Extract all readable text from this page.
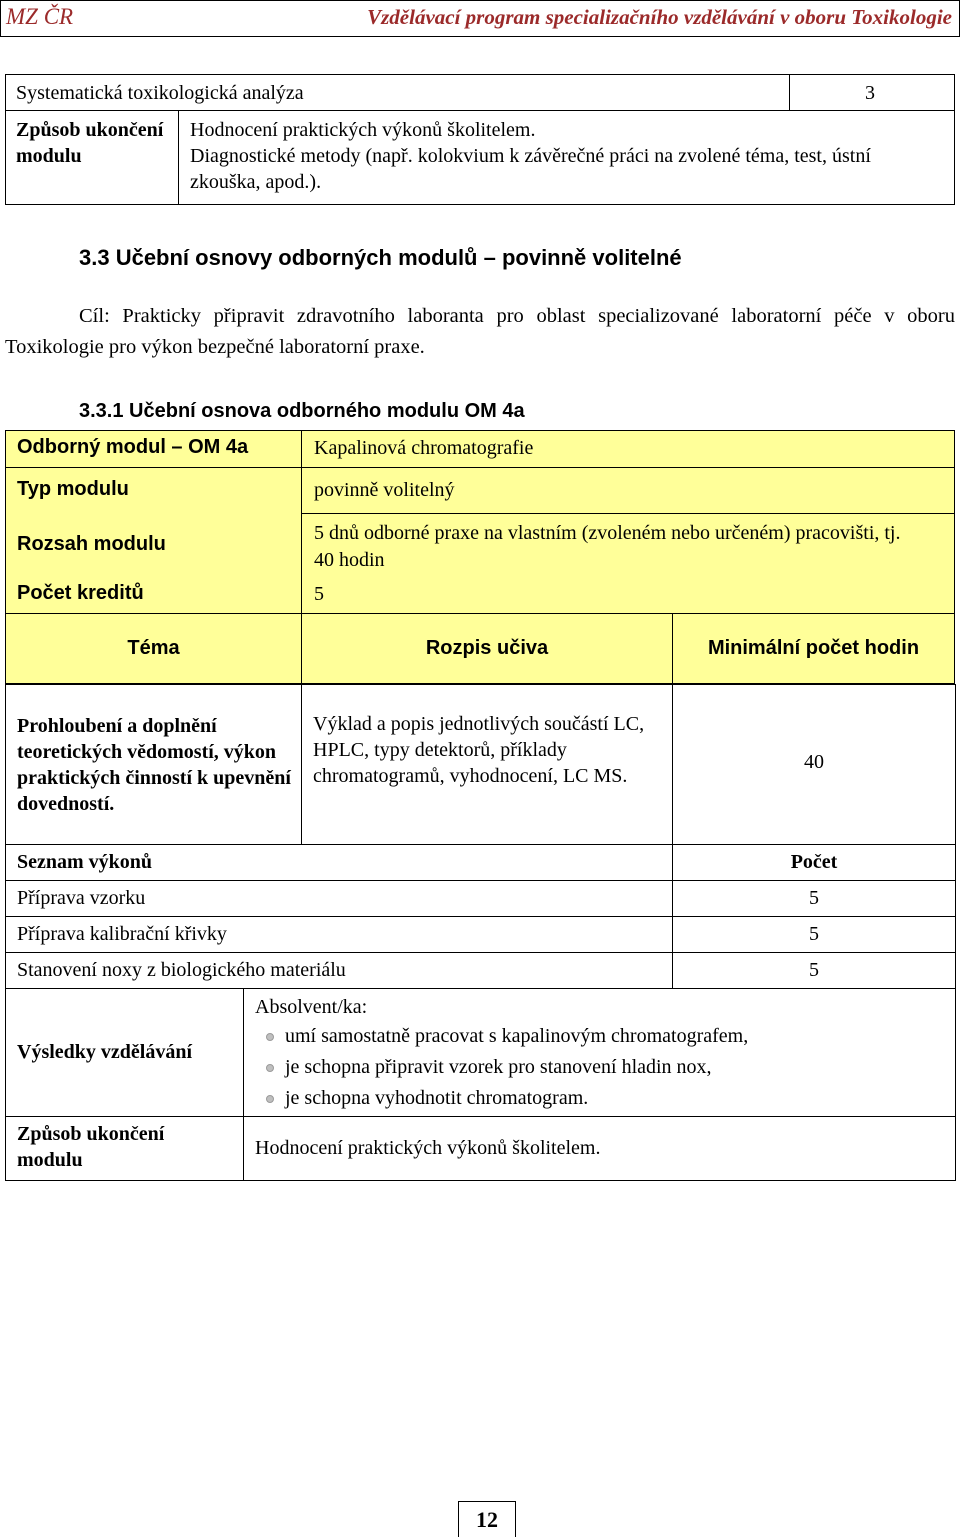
MZ ČR	Vzdělávací program specializačního vzdělávání v oboru Toxikologie
Systematická toxikologická analýza		3
Způsob ukončení modulu	Hodnocení praktických výkonů školitelem.
Diagnostické metody (např. kolokvium k závěrečné práci na zvolené téma, test, ústní zkouška, apod.).	
3.3 Učební osnovy odborných modulů – povinně volitelné
Cíl: Prakticky připravit zdravotního laboranta pro oblast specializované laboratorní péče v oboru Toxikologie pro výkon bezpečné laboratorní praxe.
3.3.1 Učební osnova odborného modulu OM 4a
Odborný modul – OM 4a	Kapalinová chromatografie
Typ modulu	povinně volitelný
Rozsah modulu	5 dnů odborné praxe na vlastním (zvoleném nebo určeném) pracovišti, tj. 40 hodin
Počet kreditů	5
Téma	Rozpis učiva	Minimální počet hodin
Prohloubení a doplnění teoretických vědomostí, výkon praktických činností k upevnění dovedností.		Výklad a popis jednotlivých součástí LC, HPLC, typy detektorů, příklady chromatogramů, vyhodnocení, LC MS.	40
Seznam výkonů			Počet
Příprava vzorku			5
Příprava kalibrační křivky			5
Stanovení noxy z biologického materiálu			5
Výsledky vzdělávání	Absolvent/ka:
umí samostatně pracovat s kapalinovým chromatografem,
je schopna připravit vzorek pro stanovení hladin nox,
je schopna vyhodnotit chromatogram.		

Způsob ukončení modulu	Hodnocení praktických výkonů školitelem.		
12
